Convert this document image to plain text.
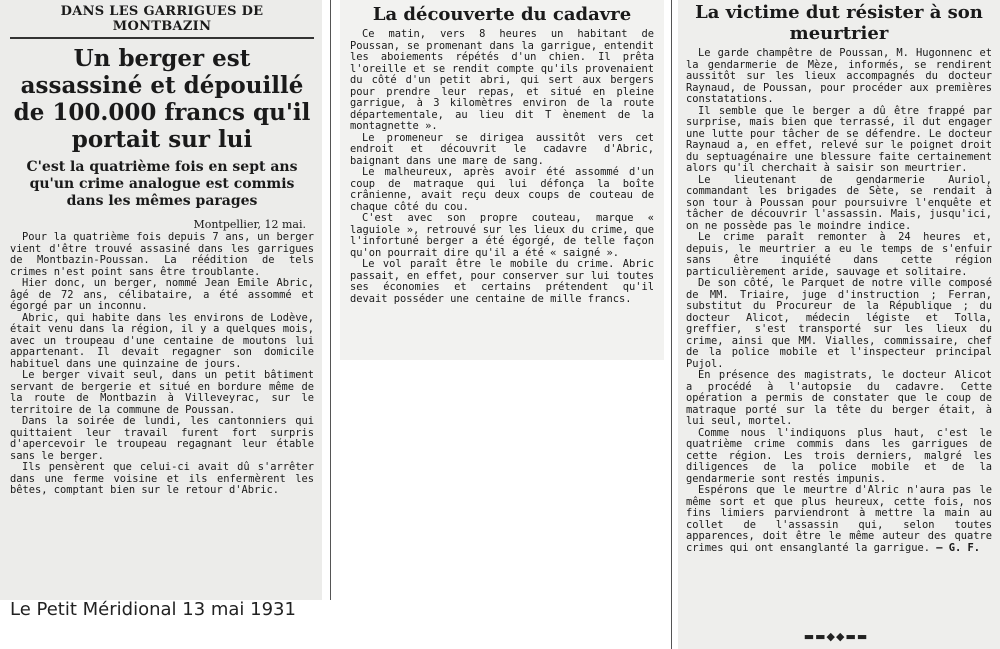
DANS LES GARRIGUES DE MONTBAZIN
Un berger est assassiné et dépouillé de 100.000 francs qu'il portait sur lui
C'est la quatrième fois en sept ans qu'un crime analogue est commis dans les mêmes parages
Montpellier, 12 mai.

Pour la quatrième fois depuis 7 ans, un berger vient d'être trouvé assasiné dans les garrigues de Montbazin-Poussan. La réédition de tels crimes n'est point sans être troublante.

Hier donc, un berger, nommé Jean Emile Abric, âgé de 72 ans, célibataire, a été assommé et égorgé par un inconnu.

Abric, qui habite dans les environs de Lodève, était venu dans la région, il y a quelques mois, avec un troupeau d'une centaine de moutons lui appartenant. Il devait regagner son domicile habituel dans une quinzaine de jours.

Le berger vivait seul, dans un petit bâtiment servant de bergerie et situé en bordure même de la route de Montbazin à Villeveyrac, sur le territoire de la commune de Poussan.

Dans la soirée de lundi, les cantonniers qui quittaient leur travail furent fort surpris d'apercevoir le troupeau regagnant leur étable sans le berger.

Ils pensèrent que celui-ci avait dû s'arrêter dans une ferme voisine et ils enfermèrent les bêtes, comptant bien sur le retour d'Abric.

La découverte du cadavre

Ce matin, vers 8 heures un habitant de Poussan, se promenant dans la garrigue, entendit les aboiements répétés d'un chien. Il prêta l'oreille et se rendit compte qu'ils provenaient du côté d'un petit abri, qui sert aux bergers pour prendre leur repas, et situé en pleine garrigue, à 3 kilomètres environ de la route départementale, au lieu dit T ènement de la montagnette ».

Le promeneur se dirigea aussitôt vers cet endroit et découvrit le cadavre d'Abric, baignant dans une mare de sang.

Le malheureux, après avoir été assommé d'un coup de matraque qui lui défonça la boîte crânienne, avait reçu deux coups de couteau de chaque côté du cou.

C'est avec son propre couteau, marque « laguiole », retrouvé sur les lieux du crime, que l'infortuné berger a été égorgé, de telle façon qu'on pourrait dire qu'il a été « saigné ».

Le vol paraît être le mobile du crime. Abric passait, en effet, pour conserver sur lui toutes ses économies et certains prétendent qu'il devait posséder une centaine de mille francs.

La victime dut résister à son meurtrier

Le garde champêtre de Poussan, M. Hugonnenc et la gendarmerie de Mèze, informés, se rendirent aussitôt sur les lieux accompagnés du docteur Raynaud, de Poussan, pour procéder aux premières constatations.

Il semble que le berger a dû être frappé par surprise, mais bien que terrassé, il dut engager une lutte pour tâcher de se défendre. Le docteur Raynaud a, en effet, relevé sur le poignet droit du septuagénaire une blessure faite certainement alors qu'il cherchait à saisir son meurtrier.

Le lieutenant de gendarmerie Auriol, commandant les brigades de Sète, se rendait à son tour à Poussan pour poursuivre l'enquête et tâcher de découvrir l'assassin. Mais, jusqu'ici, on ne possède pas le moindre indice.

Le crime paraît remonter à 24 heures et, depuis, le meurtrier a eu le temps de s'enfuir sans être inquiété dans cette région particulièrement aride, sauvage et solitaire.

De son côté, le Parquet de notre ville composé de MM. Triaire, juge d'instruction ; Ferran, substitut du Procureur de la République ; du docteur Alicot, médecin légiste et Tolla, greffier, s'est transporté sur les lieux du crime, ainsi que MM. Vialles, commissaire, chef de la police mobile et l'inspecteur principal Pujol.

En présence des magistrats, le docteur Alicot a procédé à l'autopsie du cadavre. Cette opération a permis de constater que le coup de matraque porté sur la tête du berger était, à lui seul, mortel.

Comme nous l'indiquons plus haut, c'est le quatrième crime commis dans les garrigues de cette région. Les trois derniers, malgré les diligences de la police mobile et de la gendarmerie sont restés impunis.

Espérons que le meurtre d'Alric n'aura pas le même sort et que plus heureux, cette fois, nos fins limiers parviendront à mettre la main au collet de l'assassin qui, selon toutes apparences, doit être le même auteur des quatre crimes qui ont ensanglanté la garrigue. — G. F.

▬▬◆◆▬▬
Le Petit Méridional 13 mai 1931
